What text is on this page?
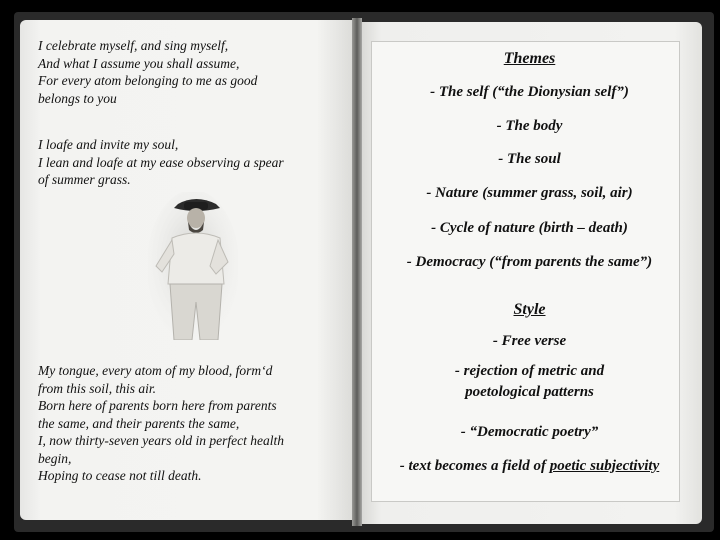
I celebrate myself, and sing myself,
And what I assume you shall assume,
For every atom belonging to me as good
belongs to you
I loafe and invite my soul,
I lean and loafe at my ease observing a spear
of summer grass.
My tongue, every atom of my blood, form‘d
from this soil, this air.
Born here of parents born here from parents
the same, and their parents the same,
I, now thirty-seven years old in perfect health
begin,
Hoping to cease not till death.
Themes
- The self (“the Dionysian self”)
- The body
- The soul
- Nature (summer grass, soil, air)
- Cycle of nature (birth – death)
- Democracy (“from parents the same”)
Style
- Free verse
- rejection of metric and
poetological patterns
- “Democratic poetry”
- text becomes a field of poetic subjectivity
